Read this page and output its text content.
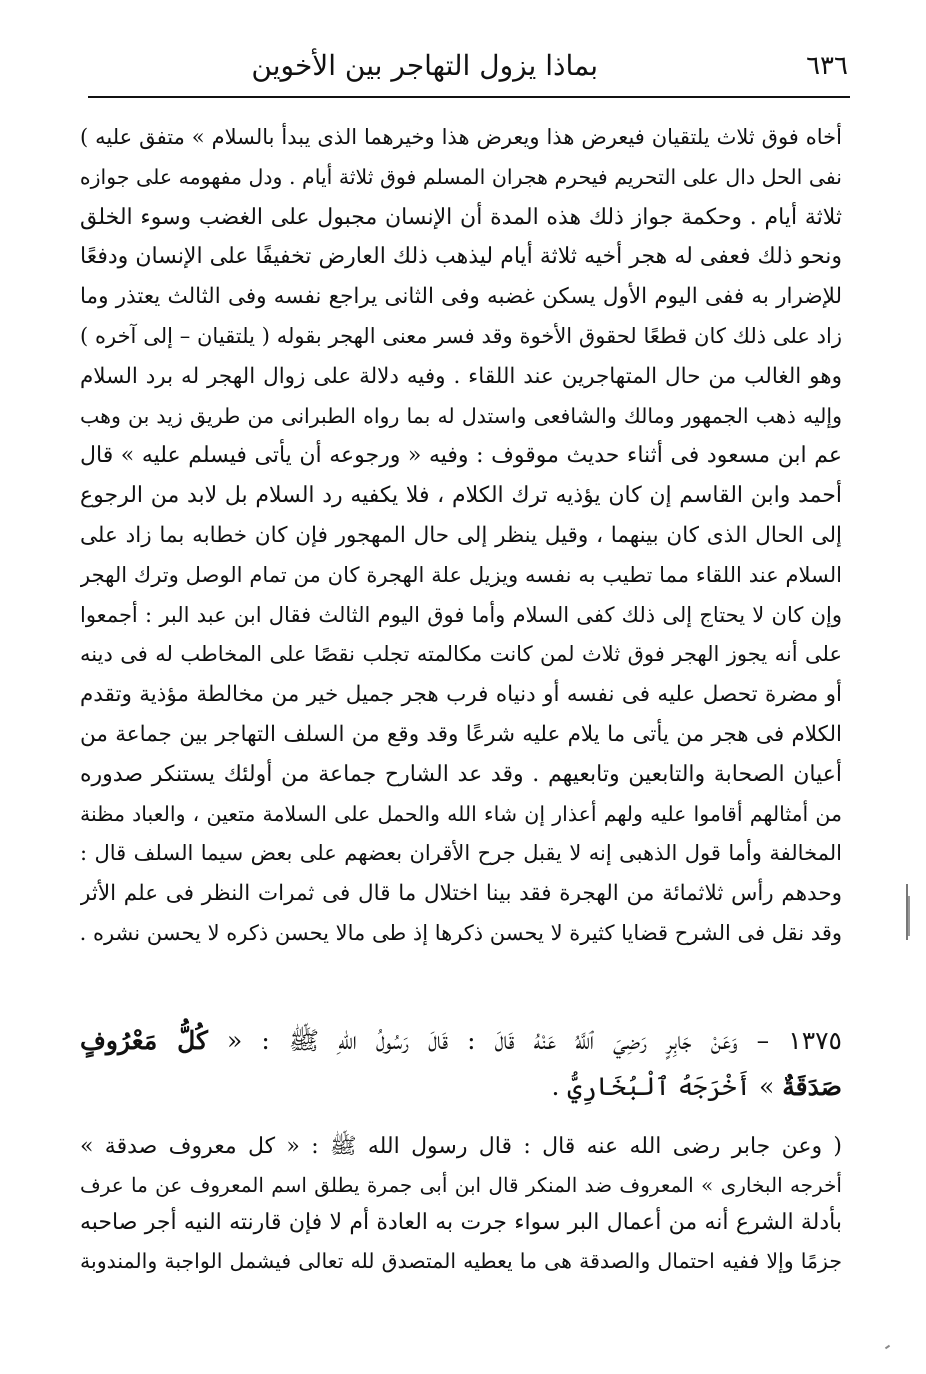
بماذا يزول التهاجر بين الأخوين	٦٣٦
أخاه فوق ثلاث يلتقيان فيعرض هذا ويعرض هذا وخيرهما الذى يبدأ بالسلام » متفق عليه )
نفى الحل دال على التحريم فيحرم هجران المسلم فوق ثلاثة أيام . ودل مفهومه على جوازه
ثلاثة أيام . وحكمة جواز ذلك هذه المدة أن الإنسان مجبول على الغضب وسوء الخلق
ونحو ذلك فعفى له هجر أخيه ثلاثة أيام ليذهب ذلك العارض تخفيفًا على الإنسان ودفعًا
للإضرار به ففى اليوم الأول يسكن غضبه وفى الثانى يراجع نفسه وفى الثالث يعتذر وما
زاد على ذلك كان قطعًا لحقوق الأخوة وقد فسر معنى الهجر بقوله ( يلتقيان – إلى آخره )
وهو الغالب من حال المتهاجرين عند اللقاء . وفيه دلالة على زوال الهجر له برد السلام
وإليه ذهب الجمهور ومالك والشافعى واستدل له بما رواه الطبرانى من طريق زيد بن وهب
عم ابن مسعود فى أثناء حديث موقوف : وفيه « ورجوعه أن يأتى فيسلم عليه » قال
أحمد وابن القاسم إن كان يؤذيه ترك الكلام ، فلا يكفيه رد السلام بل لابد من الرجوع
إلى الحال الذى كان بينهما ، وقيل ينظر إلى حال المهجور فإن كان خطابه بما زاد على
السلام عند اللقاء مما تطيب به نفسه ويزيل علة الهجرة كان من تمام الوصل وترك الهجر
وإن كان لا يحتاج إلى ذلك كفى السلام وأما فوق اليوم الثالث فقال ابن عبد البر : أجمعوا
على أنه يجوز الهجر فوق ثلاث لمن كانت مكالمته تجلب نقصًا على المخاطب له فى دينه
أو مضرة تحصل عليه فى نفسه أو دنياه فرب هجر جميل خير من مخالطة مؤذية وتقدم
الكلام فى هجر من يأتى ما يلام عليه شرعًا وقد وقع من السلف التهاجر بين جماعة من
أعيان الصحابة والتابعين وتابعيهم . وقد عد الشارح جماعة من أولئك يستنكر صدوره
من أمثالهم أقاموا عليه ولهم أعذار إن شاء الله والحمل على السلامة متعين ، والعباد مظنة
المخالفة وأما قول الذهبى إنه لا يقبل جرح الأقران بعضهم على بعض سيما السلف قال :
وحدهم رأس ثلاثمائة من الهجرة فقد بينا اختلال ما قال فى ثمرات النظر فى علم الأثر
وقد نقل فى الشرح قضايا كثيرة لا يحسن ذكرها إذ طى مالا يحسن ذكره لا يحسن نشره .
١٣٧٥ – وَعَنْ جَابِرٍ رَضِيَ ٱللَّهُ عَنْهُ قَالَ : قَالَ رَسُولُ اللهِ ﷺ : « كُلُّ مَعْرُوفٍ
صَدَقَةٌ » أَخْرَجَهُ ٱلْبُخَارِيُّ .
( وعن جابر رضى الله عنه قال : قال رسول الله ﷺ : « كل معروف صدقة »
أخرجه البخارى » المعروف ضد المنكر قال ابن أبى جمرة يطلق اسم المعروف عن ما عرف
بأدلة الشرع أنه من أعمال البر سواء جرت به العادة أم لا فإن قارنته النيه أجر صاحبه
جزمًا وإلا ففيه احتمال والصدقة هى ما يعطيه المتصدق لله تعالى فيشمل الواجبة والمندوبة
